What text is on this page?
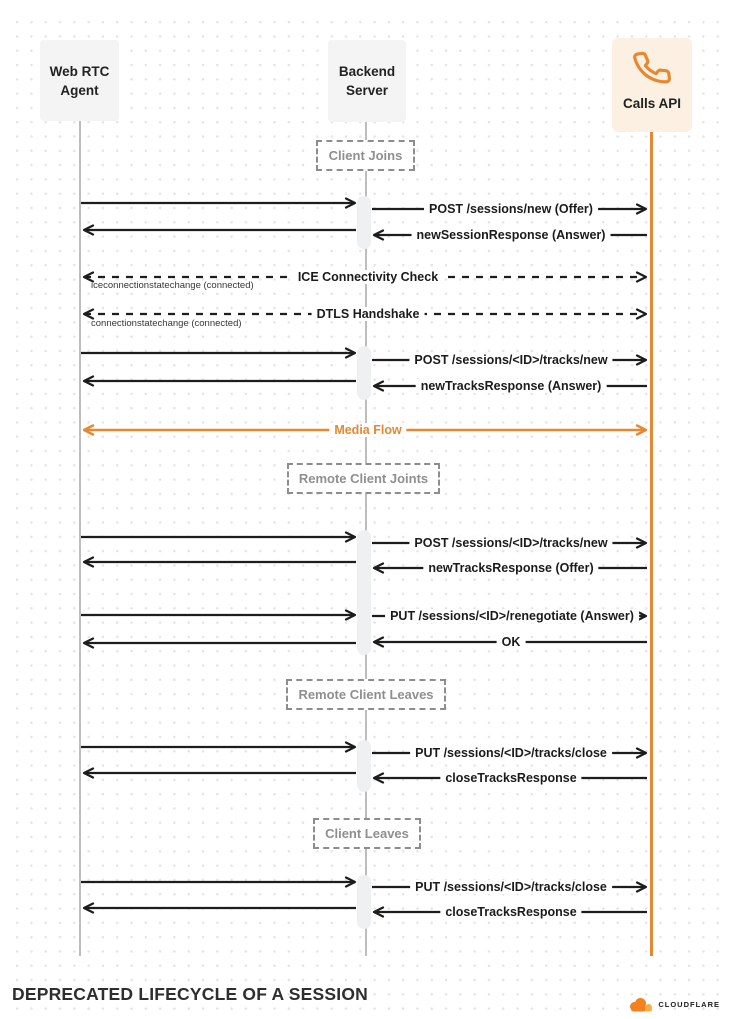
POST /sessions/new (Offer)
newSessionResponse (Answer)
ICE Connectivity Check
iceconnectionstatechange (connected)
DTLS Handshake
connectionstatechange (connected)
POST /sessions/<ID>/tracks/new
newTracksResponse (Answer)
Media Flow
POST /sessions/<ID>/tracks/new
newTracksResponse (Offer)
PUT /sessions/<ID>/renegotiate (Answer)
OK
PUT /sessions/<ID>/tracks/close
closeTracksResponse
PUT /sessions/<ID>/tracks/close
closeTracksResponse
Client Joins
Remote Client Joints
Remote Client Leaves
Client Leaves
Web RTC
Agent
Backend
Server
Calls API
DEPRECATED LIFECYCLE OF A SESSION
CLOUDFLARE
